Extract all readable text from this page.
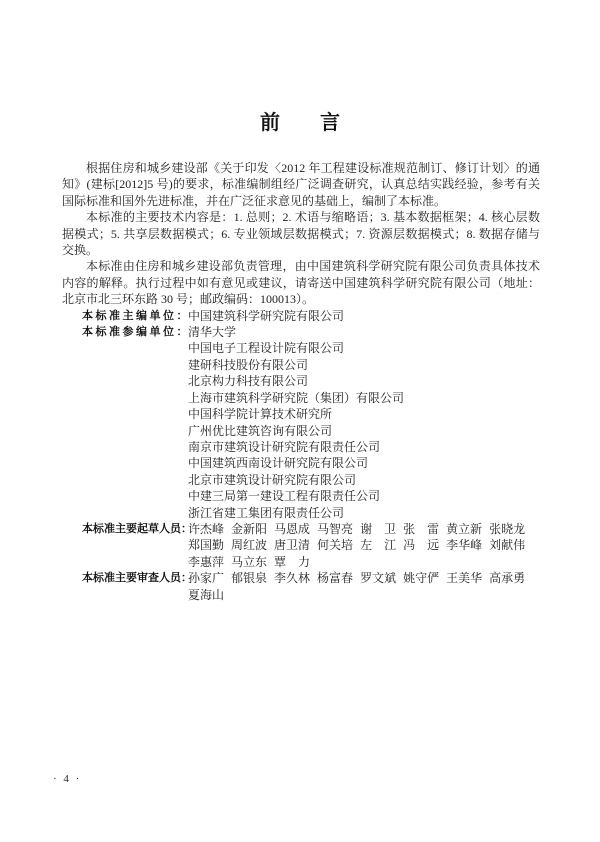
前　　言

根据住房和城乡建设部《关于印发〈2012 年工程建设标准规范制订、修订计划〉的通知》(建标[2012]5 号)的要求，标准编制组经广泛调查研究，认真总结实践经验，参考有关国际标准和国外先进标准，并在广泛征求意见的基础上，编制了本标准。

本标准的主要技术内容是：1. 总则；2. 术语与缩略语；3. 基本数据框架；4. 核心层数据模式；5. 共享层数据模式；6. 专业领域层数据模式；7. 资源层数据模式；8. 数据存储与交换。

本标准由住房和城乡建设部负责管理，由中国建筑科学研究院有限公司负责具体技术内容的解释。执行过程中如有意见或建议，请寄送中国建筑科学研究院有限公司（地址：北京市北三环东路 30 号；邮政编码：100013）。

本标准主编单位：
中国建筑科学研究院有限公司
本标准参编单位：
清华大学
中国电子工程设计院有限公司
建研科技股份有限公司
北京构力科技有限公司
上海市建筑科学研究院（集团）有限公司
中国科学院计算技术研究所
广州优比建筑咨询有限公司
南京市建筑设计研究院有限责任公司
中国建筑西南设计研究院有限公司
北京市建筑设计研究院有限公司
中建三局第一建设工程有限责任公司
浙江省建工集团有限责任公司
本标准主要起草人员：
许杰峰 金新阳 马恩成 马智亮 谢　卫 张　雷 黄立新 张晓龙
郑国勤 周红波 唐卫清 何关培 左　江 冯　远 李华峰 刘献伟
李惠萍 马立东 覃　力
本标准主要审查人员：
孙家广 郁银泉 李久林 杨富春 罗文斌 姚守俨 王美华 高承勇
夏海山
· 4 ·
